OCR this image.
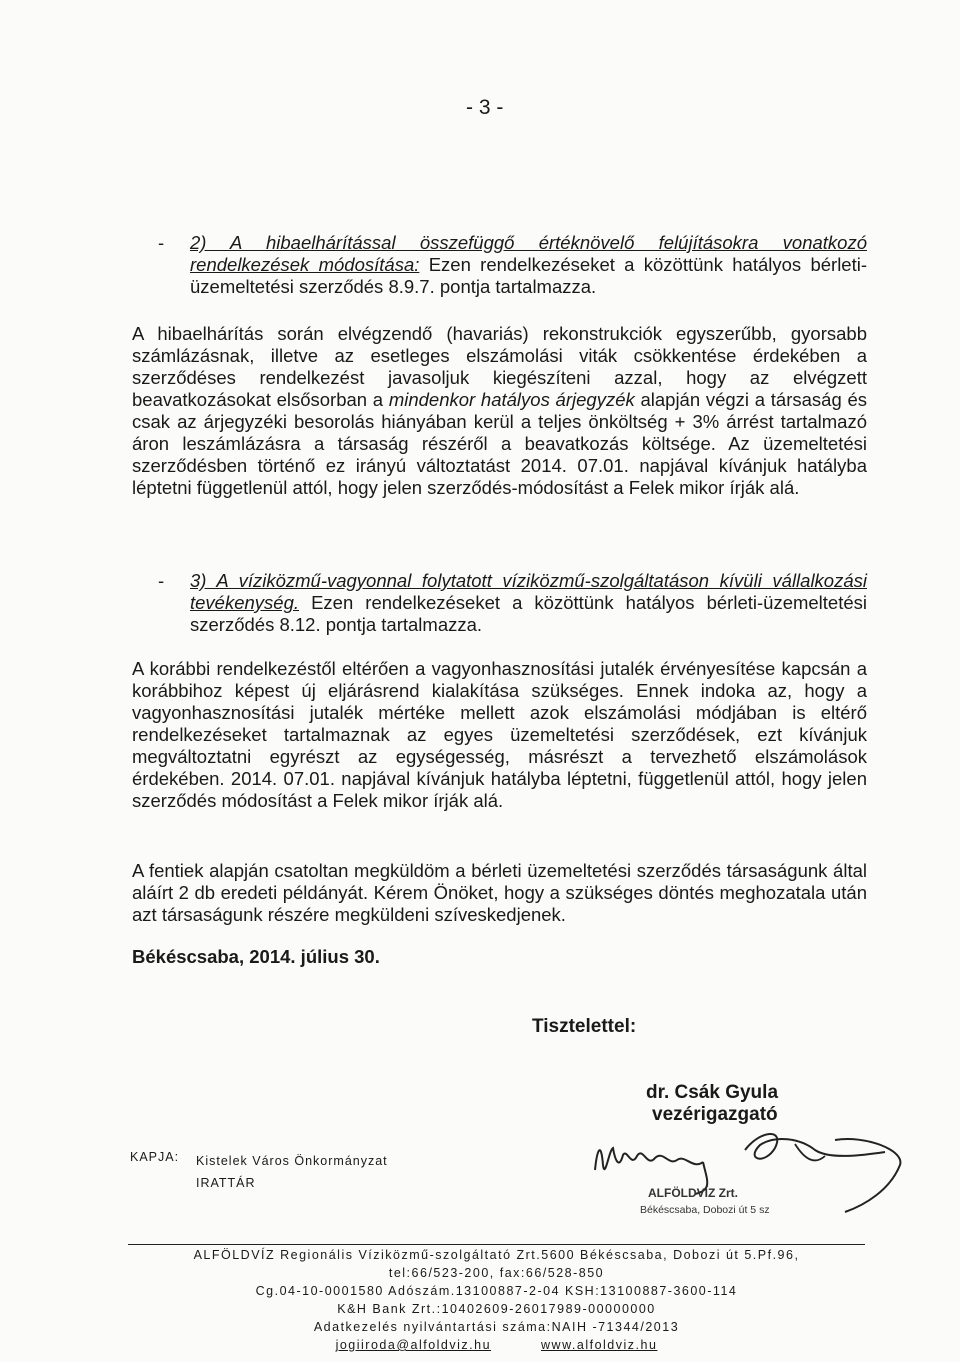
- 3 -
- 2) A hibaelhárítással összefüggő értéknövelő felújításokra vonatkozó rendelkezések módosítása: Ezen rendelkezéseket a közöttünk hatályos bérleti-üzemeltetési szerződés 8.9.7. pontja tartalmazza.
A hibaelhárítás során elvégzendő (havariás) rekonstrukciók egyszerűbb, gyorsabb számlázásnak, illetve az esetleges elszámolási viták csökkentése érdekében a szerződéses rendelkezést javasoljuk kiegészíteni azzal, hogy az elvégzett beavatkozásokat elsősorban a mindenkor hatályos árjegyzék alapján végzi a társaság és csak az árjegyzéki besorolás hiányában kerül a teljes önköltség + 3% árrést tartalmazó áron leszámlázásra a társaság részéről a beavatkozás költsége. Az üzemeltetési szerződésben történő ez irányú változtatást 2014. 07.01. napjával kívánjuk hatályba léptetni függetlenül attól, hogy jelen szerződés-módosítást a Felek mikor írják alá.
- 3) A víziközmű-vagyonnal folytatott víziközmű-szolgáltatáson kívüli vállalkozási tevékenység. Ezen rendelkezéseket a közöttünk hatályos bérleti-üzemeltetési szerződés 8.12. pontja tartalmazza.
A korábbi rendelkezéstől eltérően a vagyonhasznosítási jutalék érvényesítése kapcsán a korábbihoz képest új eljárásrend kialakítása szükséges. Ennek indoka az, hogy a vagyonhasznosítási jutalék mértéke mellett azok elszámolási módjában is eltérő rendelkezéseket tartalmaznak az egyes üzemeltetési szerződések, ezt kívánjuk megváltoztatni egyrészt az egységesség, másrészt a tervezhető elszámolások érdekében. 2014. 07.01. napjával kívánjuk hatályba léptetni, függetlenül attól, hogy jelen szerződés módosítást a Felek mikor írják alá.
A fentiek alapján csatoltan megküldöm a bérleti üzemeltetési szerződés társaságunk által aláírt 2 db eredeti példányát. Kérem Önöket, hogy a szükséges döntés meghozatala után azt társaságunk részére megküldeni szíveskedjenek.
Békéscsaba, 2014. július 30.
Tisztelettel:
dr. Csák Gyula
vezérigazgató
ALFÖLDVÍZ Zrt.
Békéscsaba, Dobozi út 5 sz
KAPJA: Kistelek Város Önkormányzat
IRATTÁR
ALFÖLDVÍZ Regionális Víziközmű-szolgáltató Zrt.5600 Békéscsaba, Dobozi út 5.Pf.96,
tel:66/523-200, fax:66/528-850
Cg.04-10-0001580 Adószám.13100887-2-04 KSH:13100887-3600-114
K&H Bank Zrt.:10402609-26017989-00000000
Adatkezelés nyilvántartási száma:NAIH -71344/2013
jogiiroda@alfoldviz.hu	www.alfoldviz.hu
